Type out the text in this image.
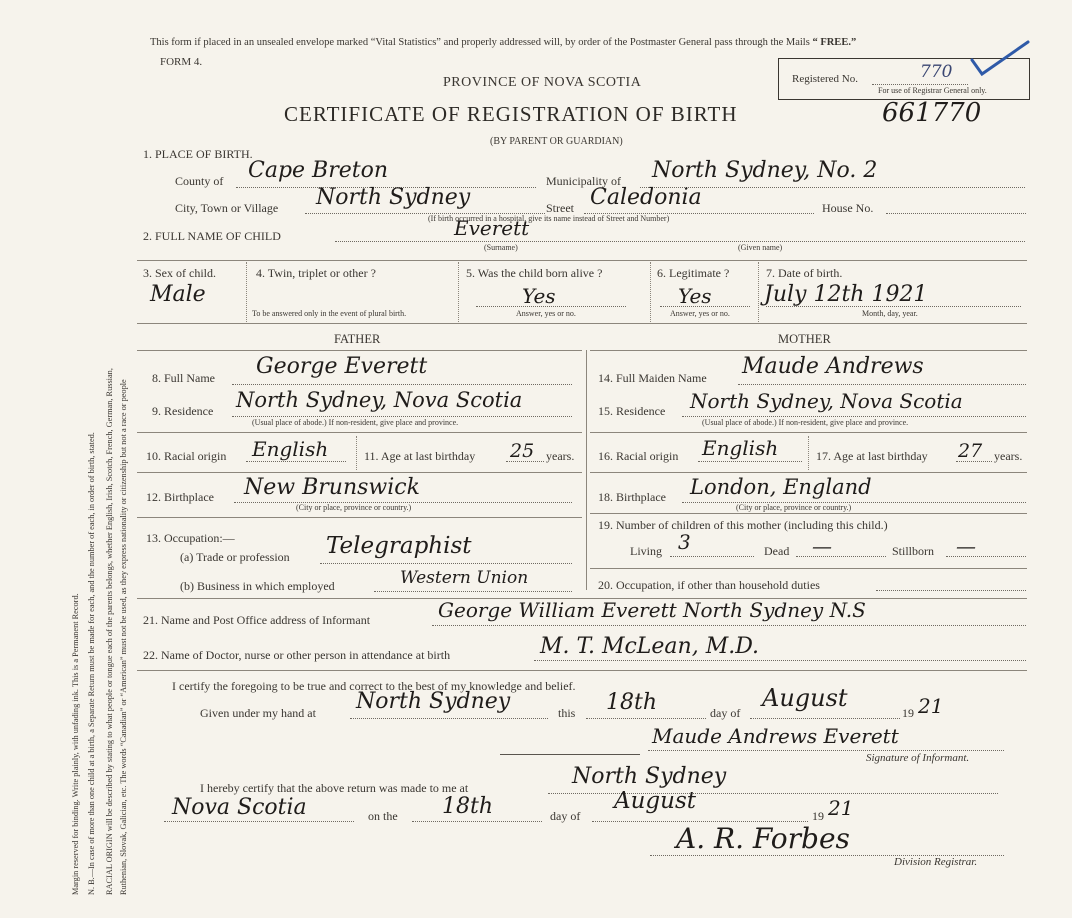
Margin reserved for binding. Write plainly, with unfading ink. This is a Permanent Record. N. B.—In case of more than one child at a birth, a Separate Return must be made for each, and the number of each, in order of birth, stated. RACIAL ORIGIN will be described by stating to what people or tongue each of the parents belongs, whether English, Irish, Scotch, French, German, Russian, Ruthenian, Slovak, Galician, etc. The words “Canadian” or “American” must not be used, as they express nationality or citizenship but not a race or people
This form if placed in an unsealed envelope marked “Vital Statistics” and properly addressed will, by order of the Postmaster General pass through the Mails “ FREE.”
FORM 4.
Registered No.	770
For use of Registrar General only.
PROVINCE OF NOVA SCOTIA
CERTIFICATE OF REGISTRATION OF BIRTH	661770
(BY PARENT OR GUARDIAN)
1. PLACE OF BIRTH.
County of Cape Breton	Municipality of North Sydney, No. 2
City, Town or Village North Sydney	Street Caledonia	House No.
(If birth occurred in a hospital, give its name instead of Street and Number)
2. FULL NAME OF CHILD	Everett
(Surname)	(Given name)
3. Sex of child.
Male
4. Twin, triplet or other ?
To be answered only in the event of plural birth.
5. Was the child born alive ?
Yes
Answer, yes or no.
6. Legitimate ?
Yes
Answer, yes or no.
7. Date of birth.
July 12th 1921
Month, day, year.
FATHER	MOTHER
8. Full Name George Everett
9. Residence North Sydney, Nova Scotia
(Usual place of abode.) If non-resident, give place and province.
10. Racial origin English	11. Age at last birthday 25 years.
12. Birthplace New Brunswick
(City or place, province or country.)
13. Occupation:—
(a) Trade or profession Telegraphist
(b) Business in which employed	Western Union
14. Full Maiden Name Maude Andrews
15. Residence North Sydney, Nova Scotia
(Usual place of abode.) If non-resident, give place and province.
16. Racial origin English	17. Age at last birthday 27 years.
18. Birthplace London, England
(City or place, province or country.)
19. Number of children of this mother (including this child.)
Living 3	Dead —	Stillborn —
20. Occupation, if other than household duties
21. Name and Post Office address of Informant	George William Everett North Sydney N.S
22. Name of Doctor, nurse or other person in attendance at birth	M. T. McLean, M.D.
I certify the foregoing to be true and correct to the best of my knowledge and belief.
Given under my hand at North Sydney	this 18th	day of
August
19 21
Maude Andrews Everett
Signature of Informant.
I hereby certify that the above return was made to me at	North Sydney
Nova Scotia	on the 18th	day of
August
19 21
A. R. Forbes
Division Registrar.
